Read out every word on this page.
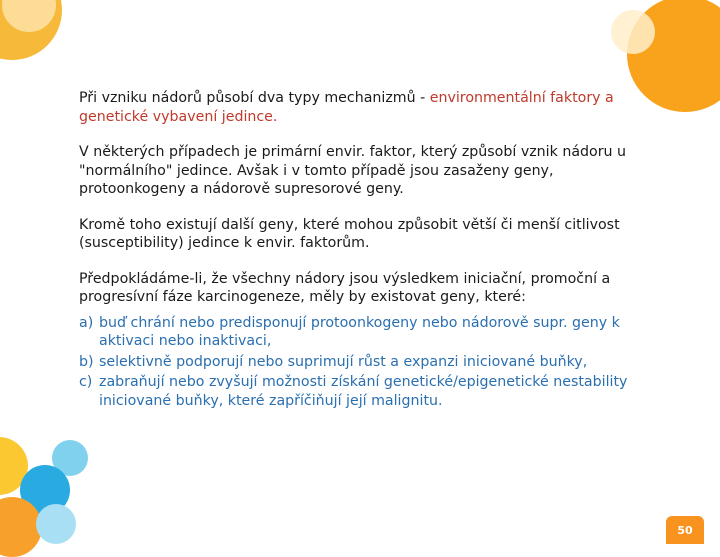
Při vzniku nádorů působí dva typy mechanizmů - environmentální faktory a genetické vybavení jedince.

V některých případech je primární envir. faktor, který způsobí vznik nádoru u "normálního" jedince. Avšak i v tomto případě jsou zasaženy geny, protoonkogeny a nádorově supresorové geny.

Kromě toho existují další geny, které mohou způsobit větší či menší citlivost (susceptibility) jedince k envir. faktorům.

Předpokládáme-li, že všechny nádory jsou výsledkem iniciační, promoční a progresívní fáze karcinogeneze, měly by existovat geny, které:

a) buď chrání nebo predisponují protoonkogeny nebo nádorově supr. geny k aktivaci nebo inaktivaci,
b) selektivně podporují nebo suprimují růst a expanzi iniciované buňky,
c) zabraňují nebo zvyšují možnosti získání genetické/epigenetické nestability iniciované buňky, které zapříčiňují její malignitu.
50
